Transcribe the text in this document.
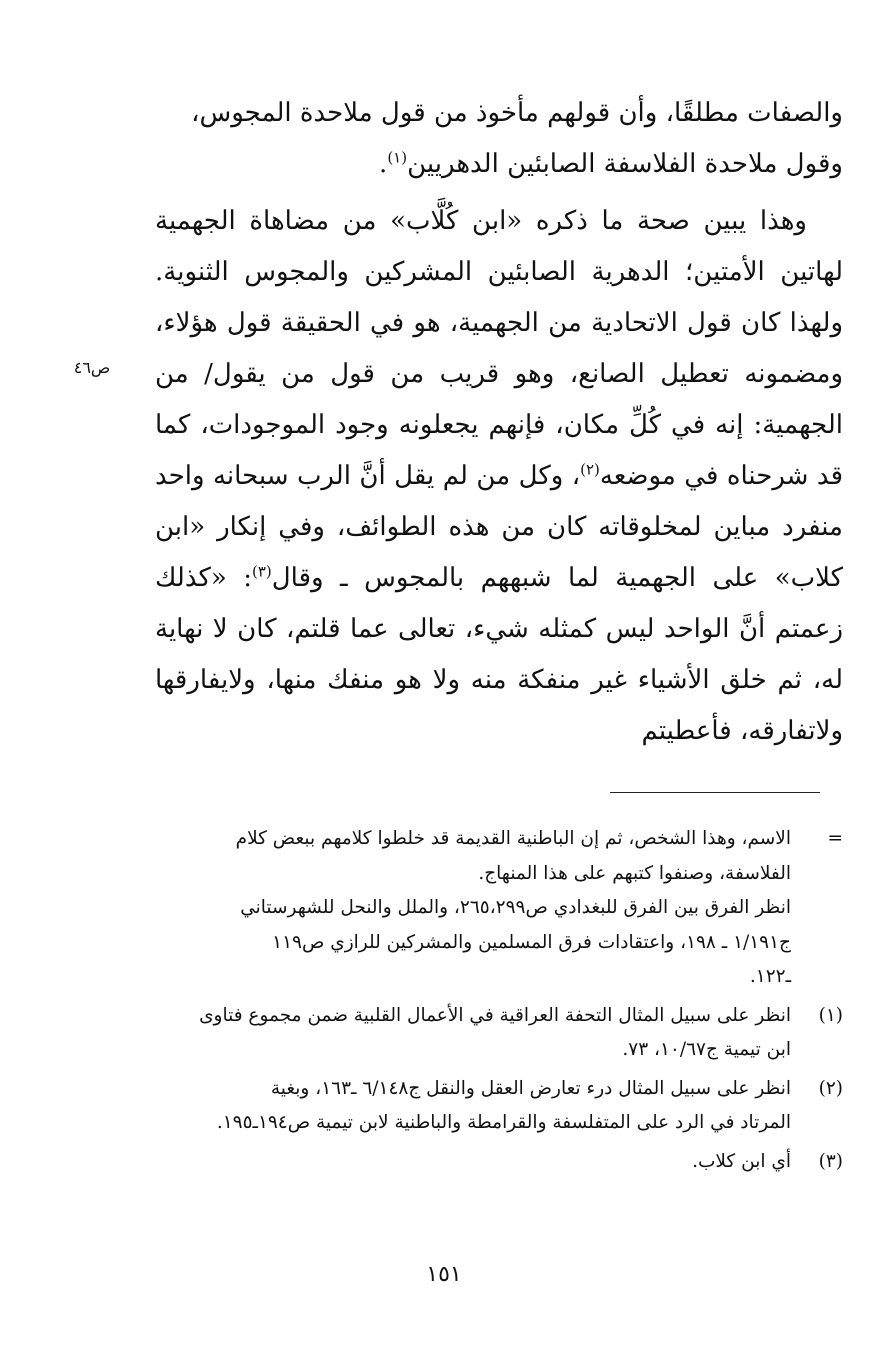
والصفات مطلقًا، وأن قولهم مأخوذ من قول ملاحدة المجوس،
وقول ملاحدة الفلاسفة الصابئين الدهريين$^{(١)}$.

وهذا يبين صحة ما ذكره «ابن كُلَّاب» من مضاهاة الجهمية لهاتين الأمتين؛ الدهرية الصابئين المشركين والمجوس الثنوية. ولهذا كان قول الاتحادية من الجهمية، هو في الحقيقة قول هؤلاء، ومضمونه تعطيل الصانع، وهو قريب من قول من يقول/ من الجهمية: إنه في كُلِّ مكان، فإنهم يجعلونه وجود الموجودات، كما قد شرحناه في موضعه$^{(٢)}$، وكل من لم يقل أنَّ الرب سبحانه واحد منفرد مباين لمخلوقاته كان من هذه الطوائف، وفي إنكار «ابن كلاب» على الجهمية لما شبههم بالمجوس ـ وقال$^{(٣)}$: «كذلك زعمتم أنَّ الواحد ليس كمثله شيء، تعالى عما قلتم، كان لا نهاية له، ثم خلق الأشياء غير منفكة منه ولا هو منفك منها، ولايفارقها ولاتفارقه، فأعطيتم

ص٤٦
=
الاسم، وهذا الشخص، ثم إن الباطنية القديمة قد خلطوا كلامهم ببعض كلام
الفلاسفة، وصنفوا كتبهم على هذا المنهاج.
انظر الفرق بين الفرق للبغدادي ص٢٦٥،٢٩٩، والملل والنحل للشهرستاني
ج١/١٩١ ـ ١٩٨، واعتقادات فرق المسلمين والمشركين للرازي ص١١٩
ـ١٢٢.
(١)
انظر على سبيل المثال التحفة العراقية في الأعمال القلبية ضمن مجموع فتاوى
ابن تيمية ج١٠/٦٧، ٧٣.
(٢)
انظر على سبيل المثال درء تعارض العقل والنقل ج٦/١٤٨ ـ١٦٣، وبغية
المرتاد في الرد على المتفلسفة والقرامطة والباطنية لابن تيمية ص١٩٤ـ١٩٥.
(٣)
أي ابن كلاب.
١٥١
